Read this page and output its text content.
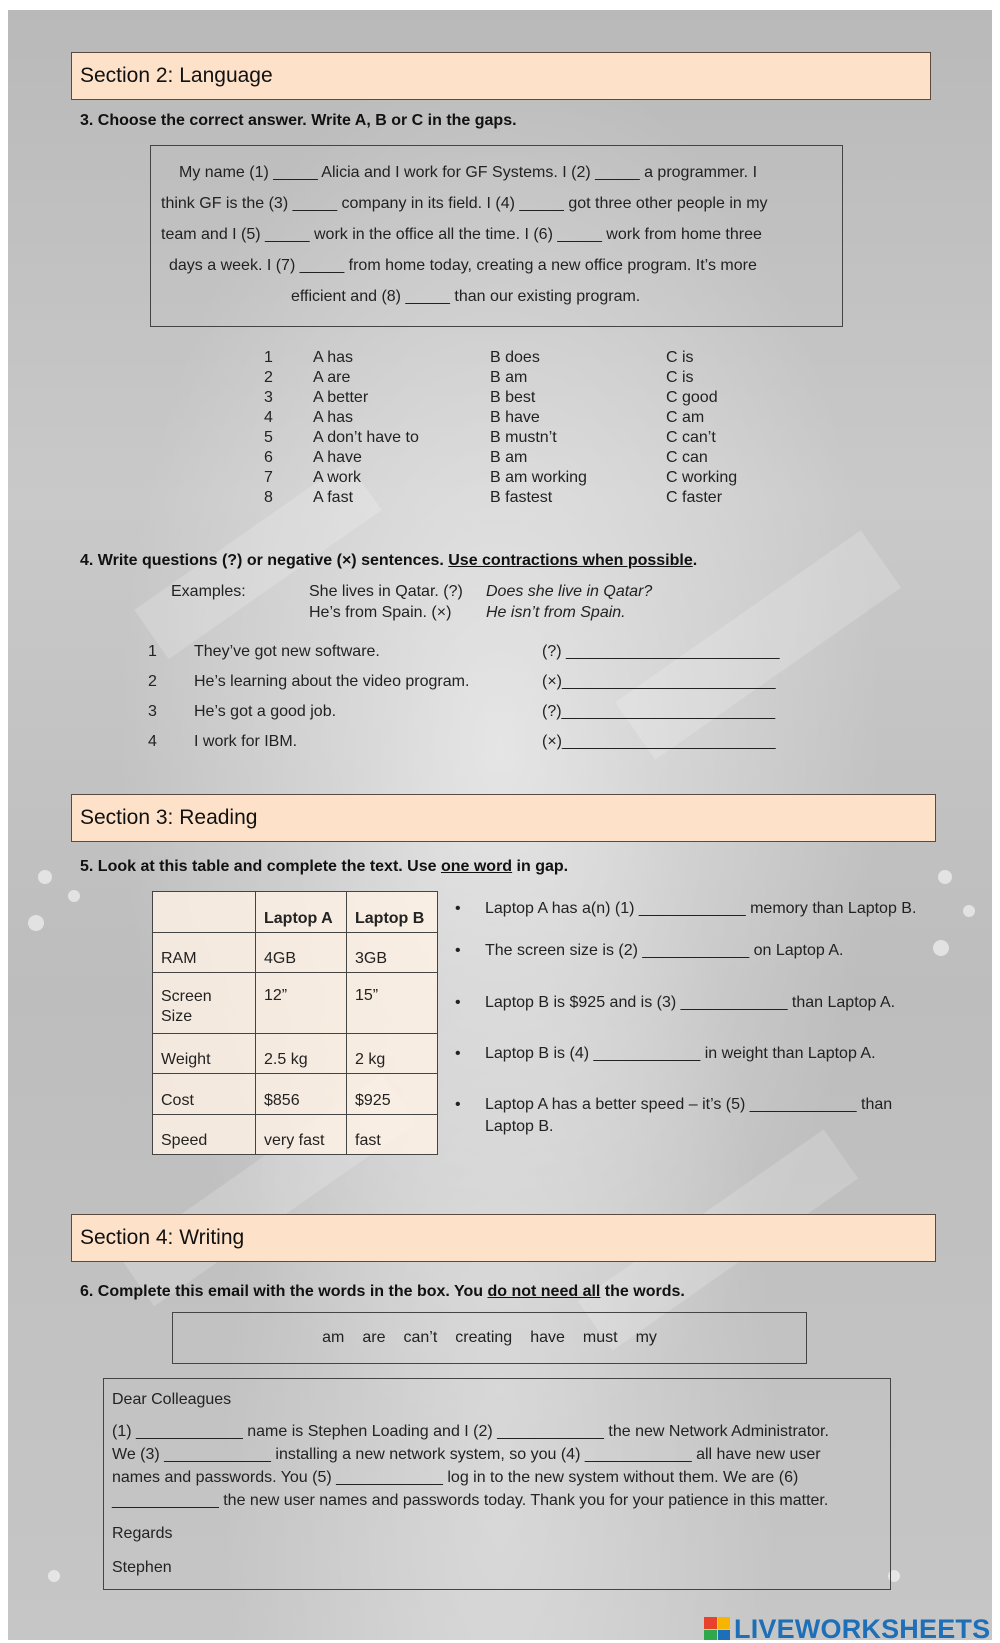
Section 2: Language
3. Choose the correct answer. Write A, B or C in the gaps.
My name (1) _____ Alicia and I work for GF Systems. I (2) _____ a programmer. I
think GF is the (3) _____ company in its field. I (4) _____ got three other people in my
team and I (5) _____ work in the office all the time. I (6) _____ work from home three
days a week. I (7) _____ from home today, creating a new office program. It’s more
efficient and (8) _____ than our existing program.
1	A has	B does	C is
2	A are	B am	C is
3	A better	B best	C good
4	A has	B have	C am
5	A don’t have to	B mustn’t	C can’t
6	A have	B am	C can
7	A work	B am working	C working
8	A fast	B fastest	C faster
4. Write questions (?) or negative (×) sentences. Use contractions when possible.
Examples:	She lives in Qatar. (?) Does she live in Qatar?
He’s from Spain. (×) He isn’t from Spain.
1 They’ve got new software.	(?) ________________________
2 He’s learning about the video program.	(×)________________________
3 He’s got a good job.	(?)________________________
4 I work for IBM.	(×)________________________
Section 3: Reading
5. Look at this table and complete the text. Use one word in gap.
	Laptop A	Laptop B
RAM	4GB	3GB
Screen Size	12”	15”
Weight	2.5 kg	2 kg
Cost	$856	$925
Speed	very fast	fast
• Laptop A has a(n) (1) ____________ memory than Laptop B.
• The screen size is (2) ____________ on Laptop A.
• Laptop B is $925 and is (3) ____________ than Laptop A.
• Laptop B is (4) ____________ in weight than Laptop A.
• Laptop A has a better speed – it’s (5) ____________ than Laptop B.
Section 4: Writing
6. Complete this email with the words in the box. You do not need all the words.
am are can’t creating have must my
Dear Colleagues
(1) ____________ name is Stephen Loading and I (2) ____________ the new Network Administrator.
We (3) ____________ installing a new network system, so you (4) ____________ all have new user
names and passwords. You (5) ____________ log in to the new system without them. We are (6)
____________ the new user names and passwords today. Thank you for your patience in this matter.
Regards
Stephen
LIVEWORKSHEETS
